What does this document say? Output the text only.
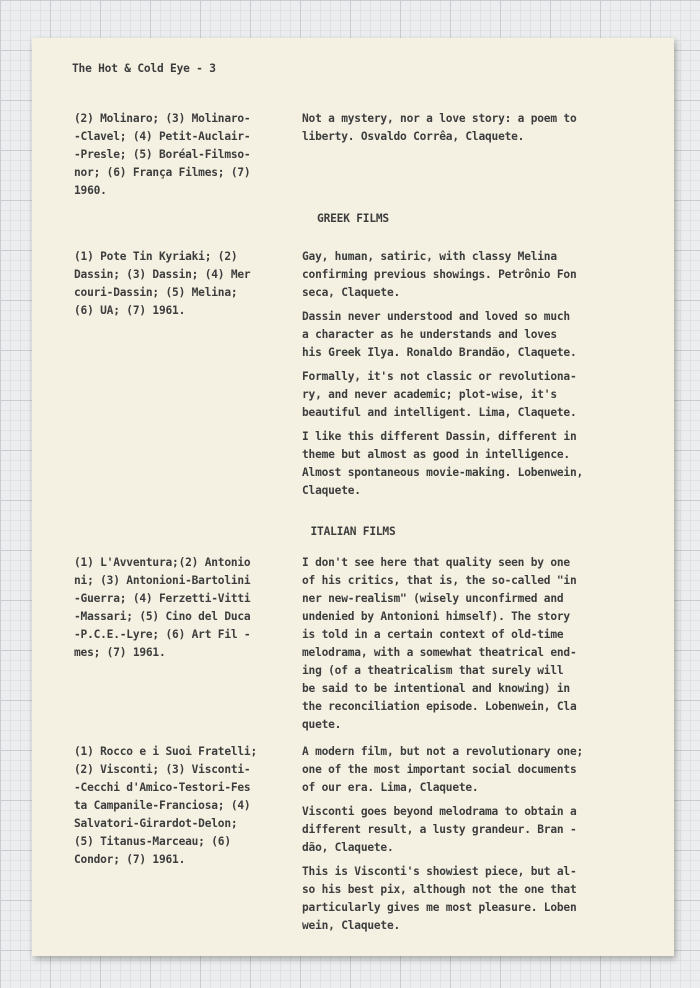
The Hot & Cold Eye - 3
(2) Molinaro; (3) Molinaro-
-Clavel; (4) Petit-Auclair-
-Presle; (5) Boréal-Filmso-
nor; (6) França Filmes; (7)
1960.
Not a mystery, nor a love story: a poem to
liberty. Osvaldo Corrêa, Claquete.
GREEK FILMS
(1) Pote Tin Kyriaki; (2)
Dassin; (3) Dassin; (4) Mer
couri-Dassin; (5) Melina;
(6) UA; (7) 1961.
Gay, human, satiric, with classy Melina
confirming previous showings. Petrônio Fon
seca, Claquete.
Dassin never understood and loved so much
a character as he understands and loves
his Greek Ilya. Ronaldo Brandão, Claquete.
Formally, it's not classic or revolutiona-
ry, and never academic; plot-wise, it's
beautiful and intelligent. Lima, Claquete.
I like this different Dassin, different in
theme but almost as good in intelligence.
Almost spontaneous movie-making. Lobenwein,
Claquete.
ITALIAN FILMS
(1) L'Avventura;(2) Antonio
ni; (3) Antonioni-Bartolini
-Guerra; (4) Ferzetti-Vitti
-Massari; (5) Cino del Duca
-P.C.E.-Lyre; (6) Art Fil -
mes; (7) 1961.
I don't see here that quality seen by one
of his critics, that is, the so-called "in
ner new-realism" (wisely unconfirmed and
undenied by Antonioni himself). The story
is told in a certain context of old-time
melodrama, with a somewhat theatrical end-
ing (of a theatricalism that surely will
be said to be intentional and knowing) in
the reconciliation episode. Lobenwein, Cla
quete.
(1) Rocco e i Suoi Fratelli;
(2) Visconti; (3) Visconti-
-Cecchi d'Amico-Testori-Fes
ta Campanile-Franciosa; (4)
Salvatori-Girardot-Delon;
(5) Titanus-Marceau; (6)
Condor; (7) 1961.
A modern film, but not a revolutionary one;
one of the most important social documents
of our era. Lima, Claquete.
Visconti goes beyond melodrama to obtain a
different result, a lusty grandeur. Bran -
dão, Claquete.
This is Visconti's showiest piece, but al-
so his best pix, although not the one that
particularly gives me most pleasure. Loben
wein, Claquete.
